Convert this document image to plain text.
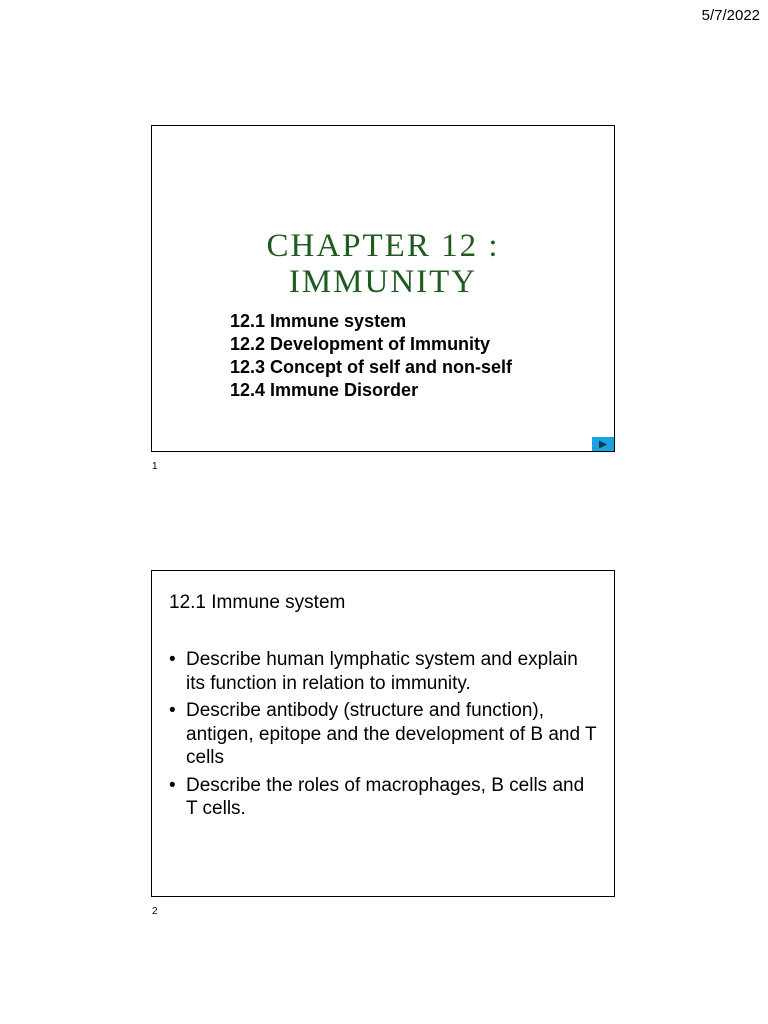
5/7/2022
CHAPTER 12 :
IMMUNITY
12.1 Immune system
12.2 Development of Immunity
12.3 Concept of self and non-self
12.4 Immune Disorder
1
12.1 Immune system
• Describe human lymphatic system and explain its function in relation to immunity.
• Describe antibody (structure and function), antigen, epitope and the development of B and T cells
• Describe the roles of macrophages, B cells and T cells.
2
